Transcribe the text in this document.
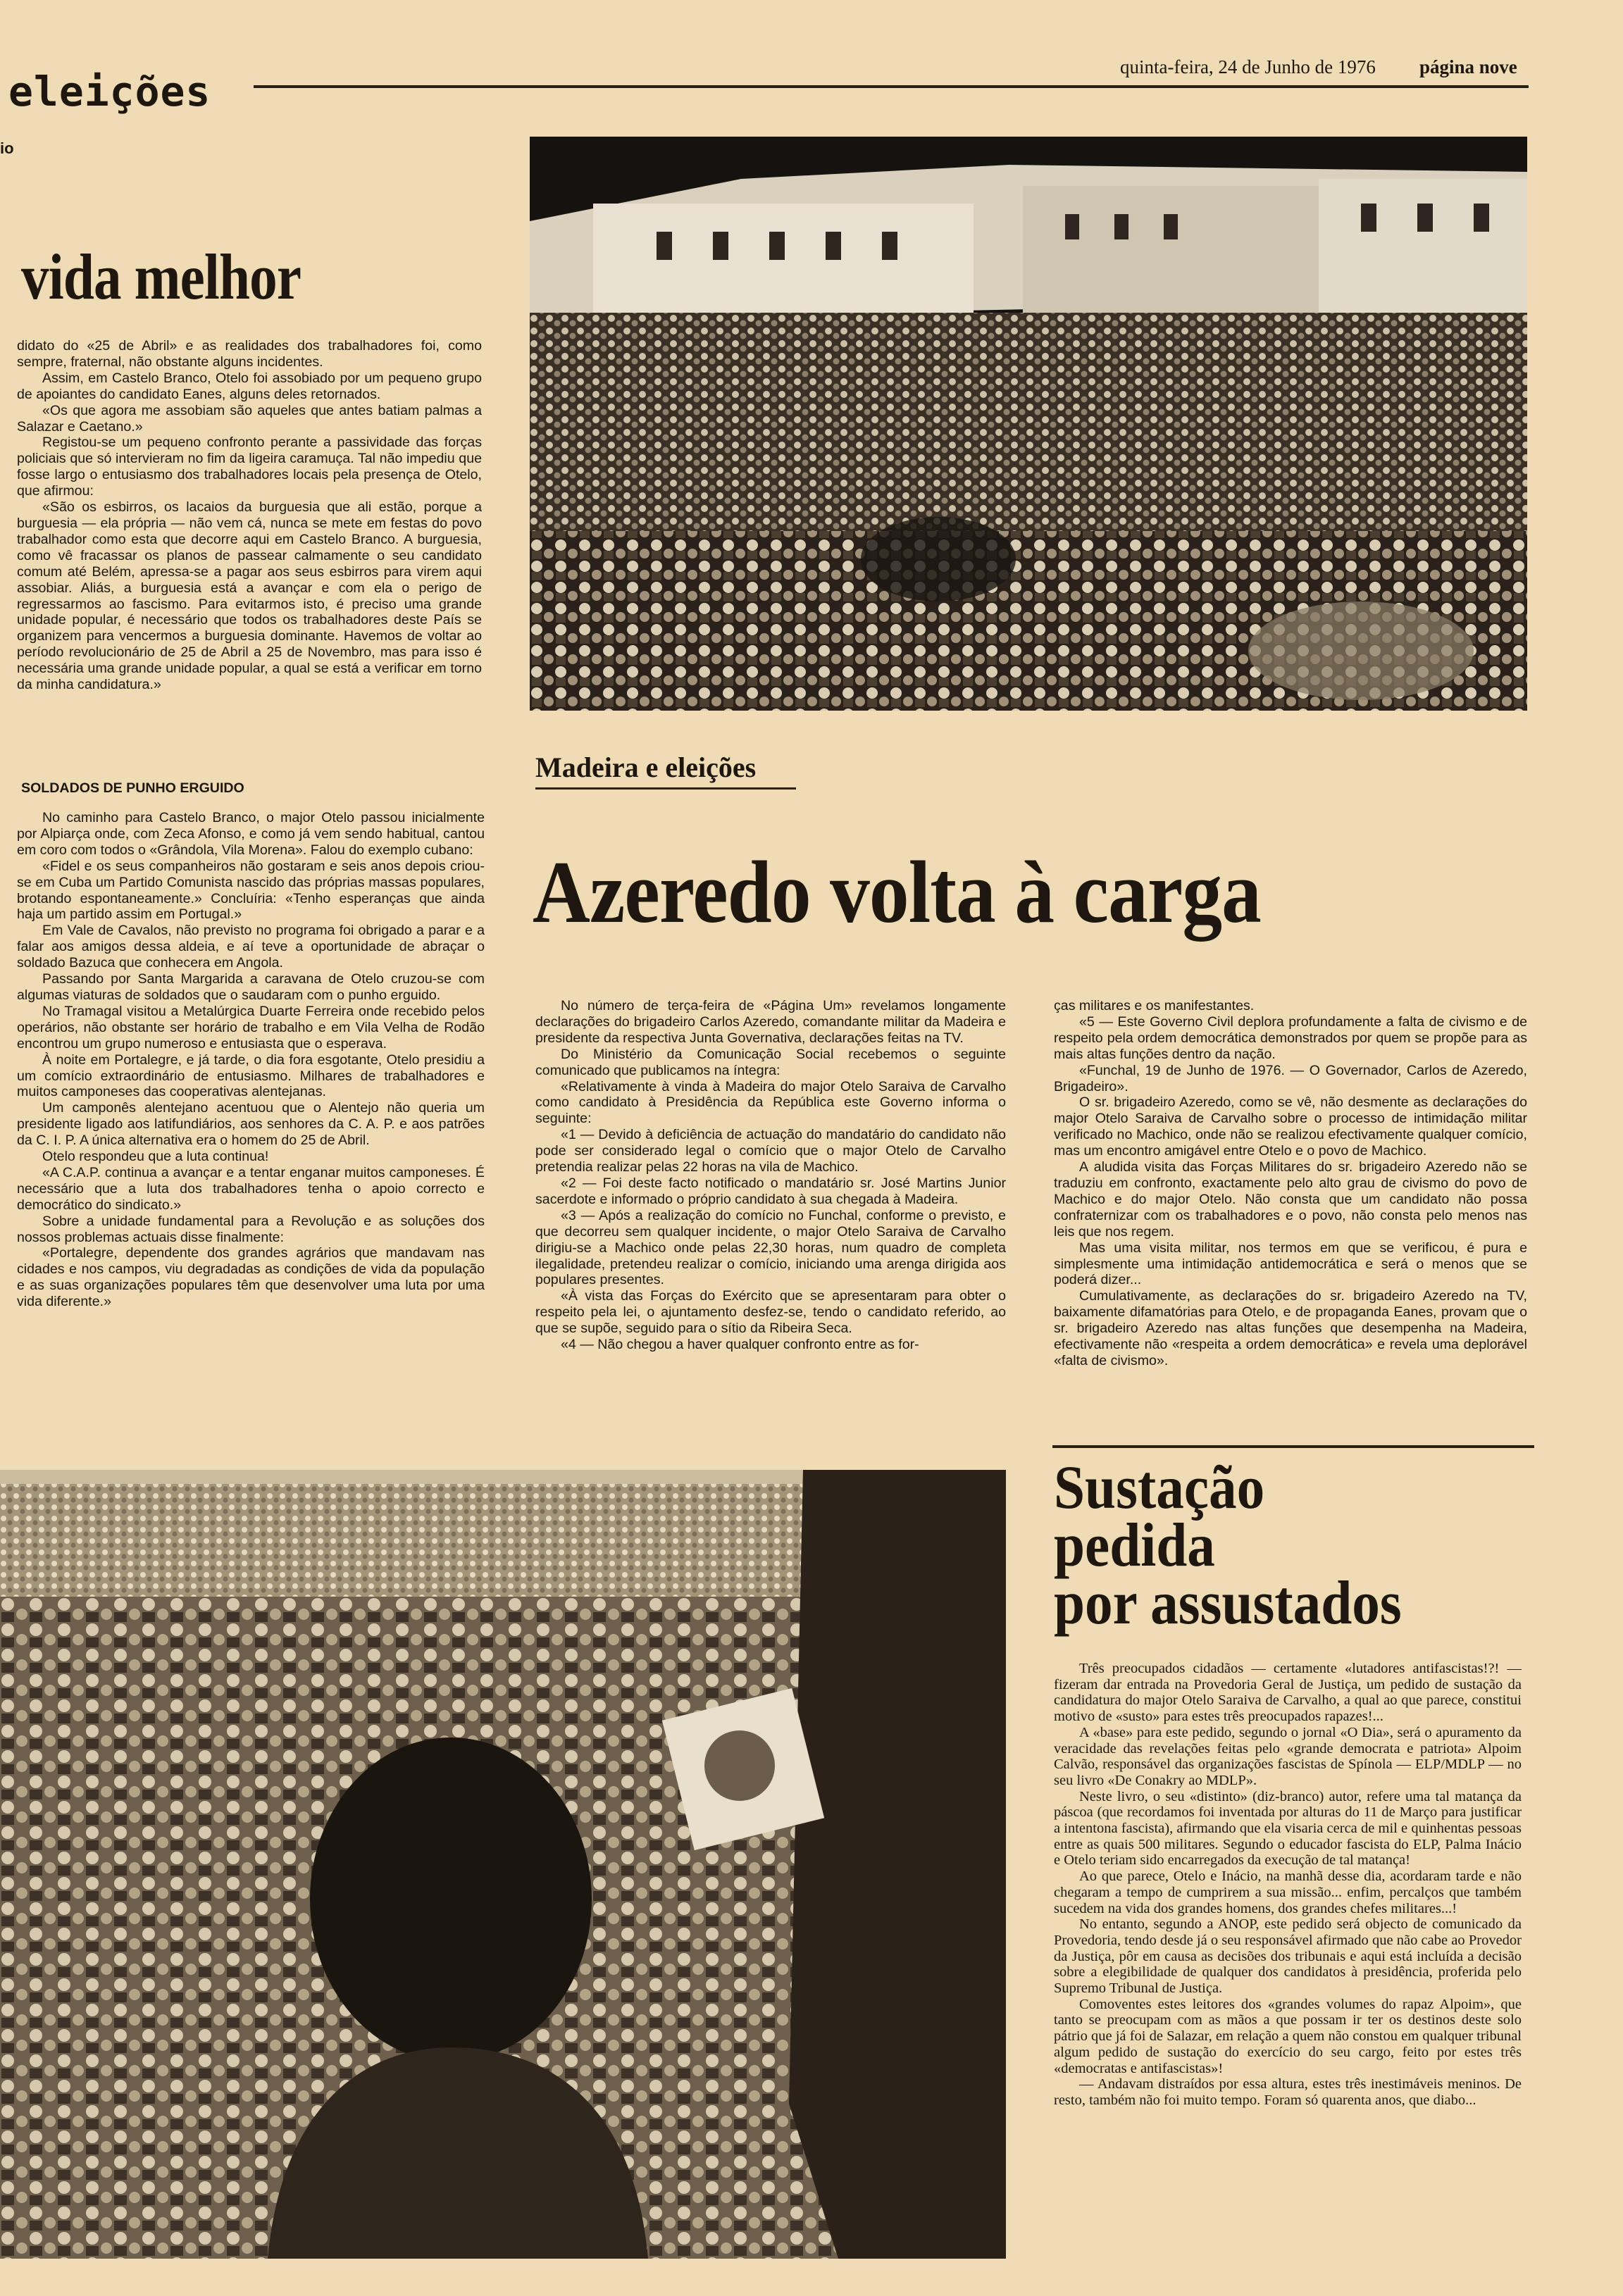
eleições
quinta-feira, 24 de Junho de 1976 página nove
io
vida melhor

didato do «25 de Abril» e as realidades dos trabalhadores foi, como sempre, fraternal, não obstante alguns incidentes.

Assim, em Castelo Branco, Otelo foi assobiado por um pequeno grupo de apoiantes do candidato Eanes, alguns deles retornados.

«Os que agora me assobiam são aqueles que antes batiam palmas a Salazar e Caetano.»

Registou-se um pequeno confronto perante a passividade das forças policiais que só intervieram no fim da ligeira caramuça. Tal não impediu que fosse largo o entusiasmo dos trabalhadores locais pela presença de Otelo, que afirmou:

«São os esbirros, os lacaios da burguesia que ali estão, porque a burguesia — ela própria — não vem cá, nunca se mete em festas do povo trabalhador como esta que decorre aqui em Castelo Branco. A burguesia, como vê fracassar os planos de passear calmamente o seu candidato comum até Belém, apressa-se a pagar aos seus esbirros para virem aqui assobiar. Aliás, a burguesia está a avançar e com ela o perigo de regressarmos ao fascismo. Para evitarmos isto, é preciso uma grande unidade popular, é necessário que todos os trabalhadores deste País se organizem para vencermos a burguesia dominante. Havemos de voltar ao período revolucionário de 25 de Abril a 25 de Novembro, mas para isso é necessária uma grande unidade popular, a qual se está a verificar em torno da minha candidatura.»

SOLDADOS DE PUNHO ERGUIDO

No caminho para Castelo Branco, o major Otelo passou inicialmente por Alpiarça onde, com Zeca Afonso, e como já vem sendo habitual, cantou em coro com todos o «Grândola, Vila Morena». Falou do exemplo cubano:

«Fidel e os seus companheiros não gostaram e seis anos depois criou-se em Cuba um Partido Comunista nascido das próprias massas populares, brotando espontaneamente.» Concluíria: «Tenho esperanças que ainda haja um partido assim em Portugal.»

Em Vale de Cavalos, não previsto no programa foi obrigado a parar e a falar aos amigos dessa aldeia, e aí teve a oportunidade de abraçar o soldado Bazuca que conhecera em Angola.

Passando por Santa Margarida a caravana de Otelo cruzou-se com algumas viaturas de soldados que o saudaram com o punho erguido.

No Tramagal visitou a Metalúrgica Duarte Ferreira onde recebido pelos operários, não obstante ser horário de trabalho e em Vila Velha de Rodão encontrou um grupo numeroso e entusiasta que o esperava.

À noite em Portalegre, e já tarde, o dia fora esgotante, Otelo presidiu a um comício extraordinário de entusiasmo. Milhares de trabalhadores e muitos camponeses das cooperativas alentejanas.

Um camponês alentejano acentuou que o Alentejo não queria um presidente ligado aos latifundiários, aos senhores da C. A. P. e aos patrões da C. I. P. A única alternativa era o homem do 25 de Abril.

Otelo respondeu que a luta continua!

«A C.A.P. continua a avançar e a tentar enganar muitos camponeses. É necessário que a luta dos trabalhadores tenha o apoio correcto e democrático do sindicato.»

Sobre a unidade fundamental para a Revolução e as soluções dos nossos problemas actuais disse finalmente:

«Portalegre, dependente dos grandes agrários que mandavam nas cidades e nos campos, viu degradadas as condições de vida da população e as suas organizações populares têm que desenvolver uma luta por uma vida diferente.»

Madeira e eleições
Azeredo volta à carga

No número de terça-feira de «Página Um» revelamos longamente declarações do brigadeiro Carlos Azeredo, comandante militar da Madeira e presidente da respectiva Junta Governativa, declarações feitas na TV.

Do Ministério da Comunicação Social recebemos o seguinte comunicado que publicamos na íntegra:

«Relativamente à vinda à Madeira do major Otelo Saraiva de Carvalho como candidato à Presidência da República este Governo informa o seguinte:

«1 — Devido à deficiência de actuação do mandatário do candidato não pode ser considerado legal o comício que o major Otelo de Carvalho pretendia realizar pelas 22 horas na vila de Machico.

«2 — Foi deste facto notificado o mandatário sr. José Martins Junior sacerdote e informado o próprio candidato à sua chegada à Madeira.

«3 — Após a realização do comício no Funchal, conforme o previsto, e que decorreu sem qualquer incidente, o major Otelo Saraiva de Carvalho dirigiu-se a Machico onde pelas 22,30 horas, num quadro de completa ilegalidade, pretendeu realizar o comício, iniciando uma arenga dirigida aos populares presentes.

«À vista das Forças do Exército que se apresentaram para obter o respeito pela lei, o ajuntamento desfez-se, tendo o candidato referido, ao que se supõe, seguido para o sítio da Ribeira Seca.

«4 — Não chegou a haver qualquer confronto entre as for-

ças militares e os manifestantes.

«5 — Este Governo Civil deplora profundamente a falta de civismo e de respeito pela ordem democrática demonstrados por quem se propõe para as mais altas funções dentro da nação.

«Funchal, 19 de Junho de 1976. — O Governador, Carlos de Azeredo, Brigadeiro».

O sr. brigadeiro Azeredo, como se vê, não desmente as declarações do major Otelo Saraiva de Carvalho sobre o processo de intimidação militar verificado no Machico, onde não se realizou efectivamente qualquer comício, mas um encontro amigável entre Otelo e o povo de Machico.

A aludida visita das Forças Militares do sr. brigadeiro Azeredo não se traduziu em confronto, exactamente pelo alto grau de civismo do povo de Machico e do major Otelo. Não consta que um candidato não possa confraternizar com os trabalhadores e o povo, não consta pelo menos nas leis que nos regem.

Mas uma visita militar, nos termos em que se verificou, é pura e simplesmente uma intimidação antidemocrática e será o menos que se poderá dizer...

Cumulativamente, as declarações do sr. brigadeiro Azeredo na TV, baixamente difamatórias para Otelo, e de propaganda Eanes, provam que o sr. brigadeiro Azeredo nas altas funções que desempenha na Madeira, efectivamente não «respeita a ordem democrática» e revela uma deplorável «falta de civismo».

Sustação
pedida
por assustados

Três preocupados cidadãos — certamente «lutadores antifascistas!?! — fizeram dar entrada na Provedoria Geral de Justiça, um pedido de sustação da candidatura do major Otelo Saraiva de Carvalho, a qual ao que parece, constitui motivo de «susto» para estes três preocupados rapazes!...

A «base» para este pedido, segundo o jornal «O Dia», será o apuramento da veracidade das revelações feitas pelo «grande democrata e patriota» Alpoim Calvão, responsável das organizações fascistas de Spínola — ELP/MDLP — no seu livro «De Conakry ao MDLP».

Neste livro, o seu «distinto» (diz-branco) autor, refere uma tal matança da páscoa (que recordamos foi inventada por alturas do 11 de Março para justificar a intentona fascista), afirmando que ela visaria cerca de mil e quinhentas pessoas entre as quais 500 militares. Segundo o educador fascista do ELP, Palma Inácio e Otelo teriam sido encarregados da execução de tal matança!

Ao que parece, Otelo e Inácio, na manhã desse dia, acordaram tarde e não chegaram a tempo de cumprirem a sua missão... enfim, percalços que também sucedem na vida dos grandes homens, dos grandes chefes militares...!

No entanto, segundo a ANOP, este pedido será objecto de comunicado da Provedoria, tendo desde já o seu responsável afirmado que não cabe ao Provedor da Justiça, pôr em causa as decisões dos tribunais e aqui está incluída a decisão sobre a elegibilidade de qualquer dos candidatos à presidência, proferida pelo Supremo Tribunal de Justiça.

Comoventes estes leitores dos «grandes volumes do rapaz Alpoim», que tanto se preocupam com as mãos a que possam ir ter os destinos deste solo pátrio que já foi de Salazar, em relação a quem não constou em qualquer tribunal algum pedido de sustação do exercício do seu cargo, feito por estes três «democratas e antifascistas»!

— Andavam distraídos por essa altura, estes três inestimáveis meninos. De resto, também não foi muito tempo. Foram só quarenta anos, que diabo...
